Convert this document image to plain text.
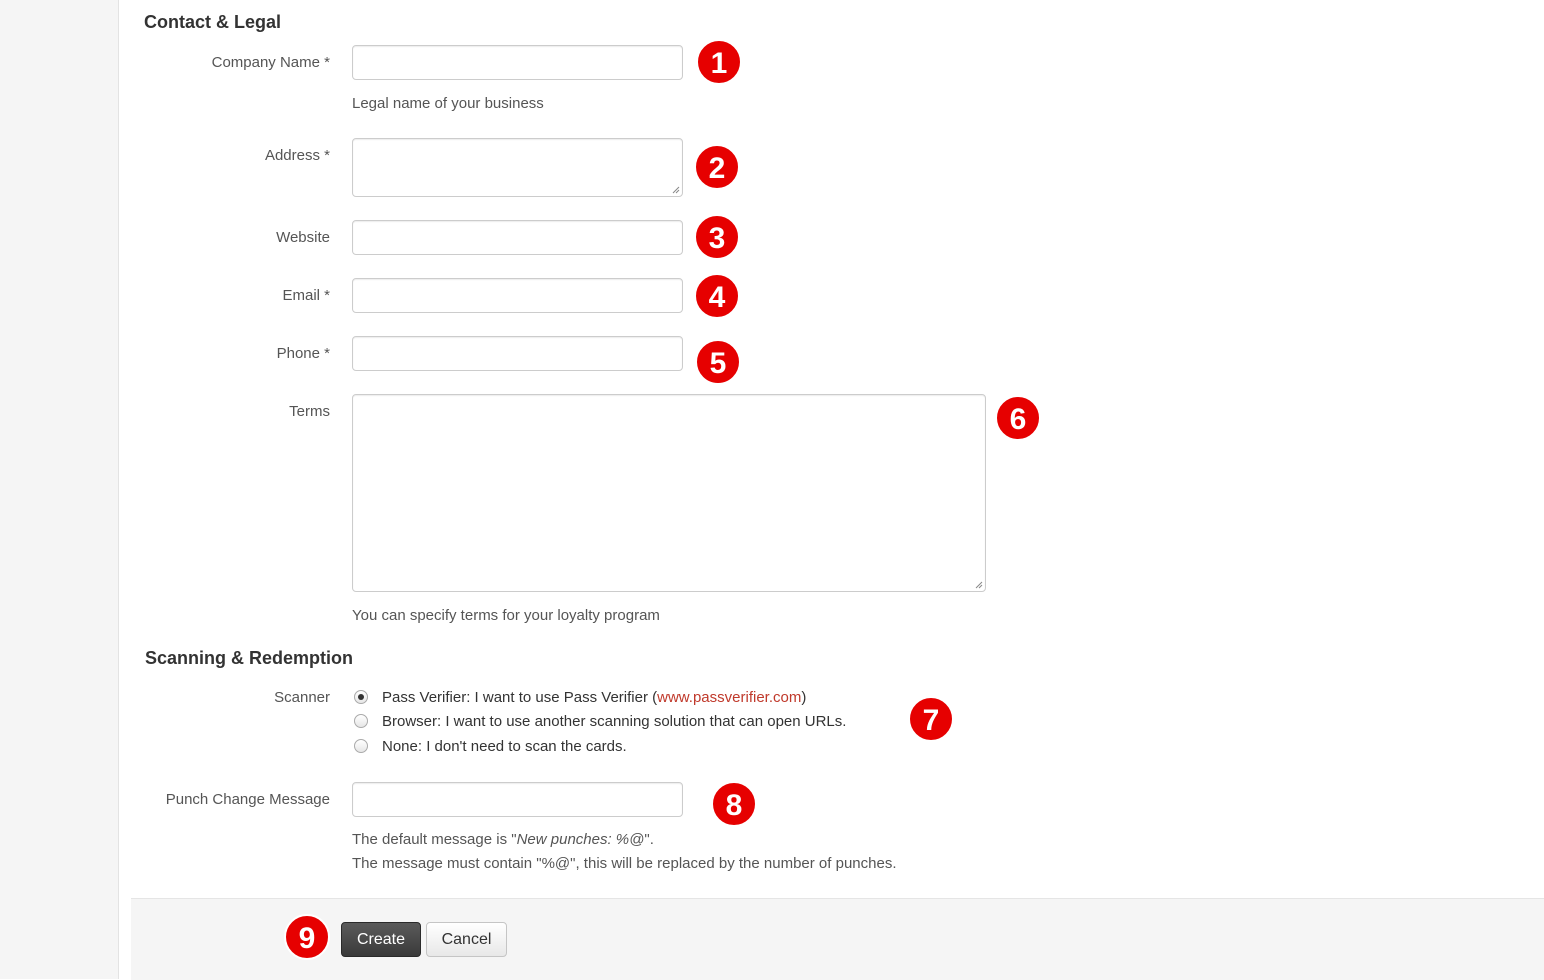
Contact & Legal
Company Name *
Legal name of your business
Address *
Website
Email *
Phone *
Terms
You can specify terms for your loyalty program
Scanning & Redemption
Scanner	Pass Verifier: I want to use Pass Verifier (www.passverifier.com)
Browser: I want to use another scanning solution that can open URLs.
None: I don't need to scan the cards.
Punch Change Message
The default message is "New punches: %@".
The message must contain "%@", this will be replaced by the number of punches.
Create	Cancel
1
2
3
4
5
6
7
8
9
